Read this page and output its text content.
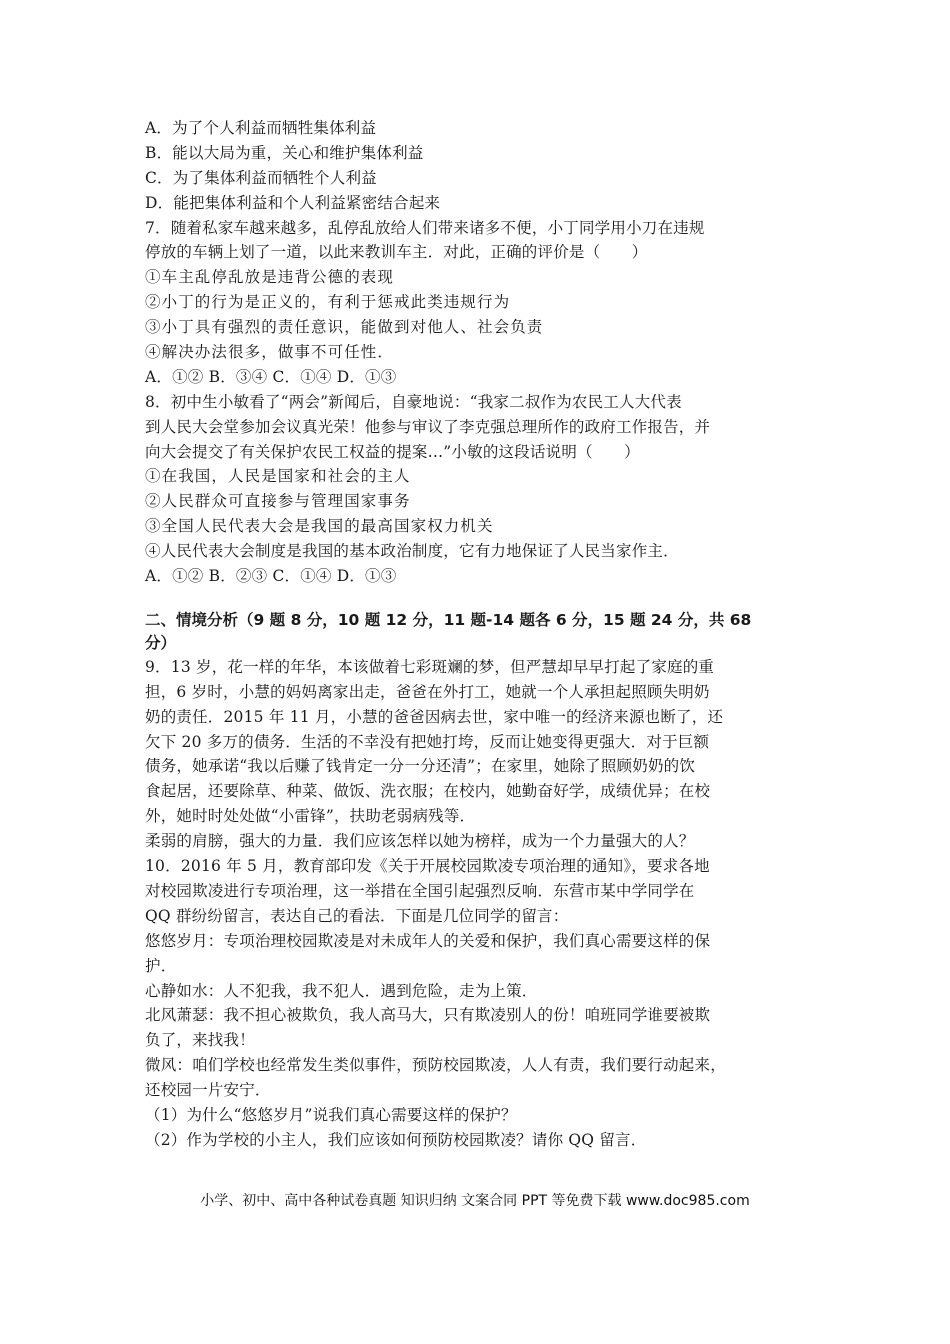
A．为了个人利益而牺牲集体利益
B．能以大局为重，关心和维护集体利益
C．为了集体利益而牺牲个人利益
D．能把集体利益和个人利益紧密结合起来
7．随着私家车越来越多，乱停乱放给人们带来诸多不便，小丁同学用小刀在违规
停放的车辆上划了一道，以此来教训车主．对此，正确的评价是（　　）
①车主乱停乱放是违背公德的表现
②小丁的行为是正义的，有利于惩戒此类违规行为
③小丁具有强烈的责任意识，能做到对他人、社会负责
④解决办法很多，做事不可任性．
A．①② B．③④ C．①④ D．①③
8．初中生小敏看了“两会”新闻后，自豪地说：“我家二叔作为农民工人大代表
到人民大会堂参加会议真光荣！他参与审议了李克强总理所作的政府工作报告，并
向大会提交了有关保护农民工权益的提案…”小敏的这段话说明（　　）
①在我国，人民是国家和社会的主人
②人民群众可直接参与管理国家事务
③全国人民代表大会是我国的最高国家权力机关
④人民代表大会制度是我国的基本政治制度，它有力地保证了人民当家作主．
A．①② B．②③ C．①④ D．①③
二、情境分析（9 题 8 分，10 题 12 分，11 题-14 题各 6 分，15 题 24 分，共 68
分）
9．13 岁，花一样的年华，本该做着七彩斑斓的梦，但严慧却早早打起了家庭的重
担，6 岁时，小慧的妈妈离家出走，爸爸在外打工，她就一个人承担起照顾失明奶
奶的责任．2015 年 11 月，小慧的爸爸因病去世，家中唯一的经济来源也断了，还
欠下 20 多万的债务．生活的不幸没有把她打垮，反而让她变得更强大．对于巨额
债务，她承诺“我以后赚了钱肯定一分一分还清”；在家里，她除了照顾奶奶的饮
食起居，还要除草、种菜、做饭、洗衣服；在校内，她勤奋好学，成绩优异；在校
外，她时时处处做“小雷锋”，扶助老弱病残等．
柔弱的肩膀，强大的力量．我们应该怎样以她为榜样，成为一个力量强大的人？
10．2016 年 5 月，教育部印发《关于开展校园欺凌专项治理的通知》，要求各地
对校园欺凌进行专项治理，这一举措在全国引起强烈反响．东营市某中学同学在
QQ 群纷纷留言，表达自己的看法．下面是几位同学的留言：
悠悠岁月：专项治理校园欺凌是对未成年人的关爱和保护，我们真心需要这样的保
护．
心静如水：人不犯我，我不犯人．遇到危险，走为上策．
北风萧瑟：我不担心被欺负，我人高马大，只有欺凌别人的份！咱班同学谁要被欺
负了，来找我！
微风：咱们学校也经常发生类似事件，预防校园欺凌，人人有责，我们要行动起来，
还校园一片安宁．
（1）为什么“悠悠岁月”说我们真心需要这样的保护？
（2）作为学校的小主人，我们应该如何预防校园欺凌？请你 QQ 留言．
小学、初中、高中各种试卷真题 知识归纳 文案合同 PPT 等免费下载 www.doc985.com
